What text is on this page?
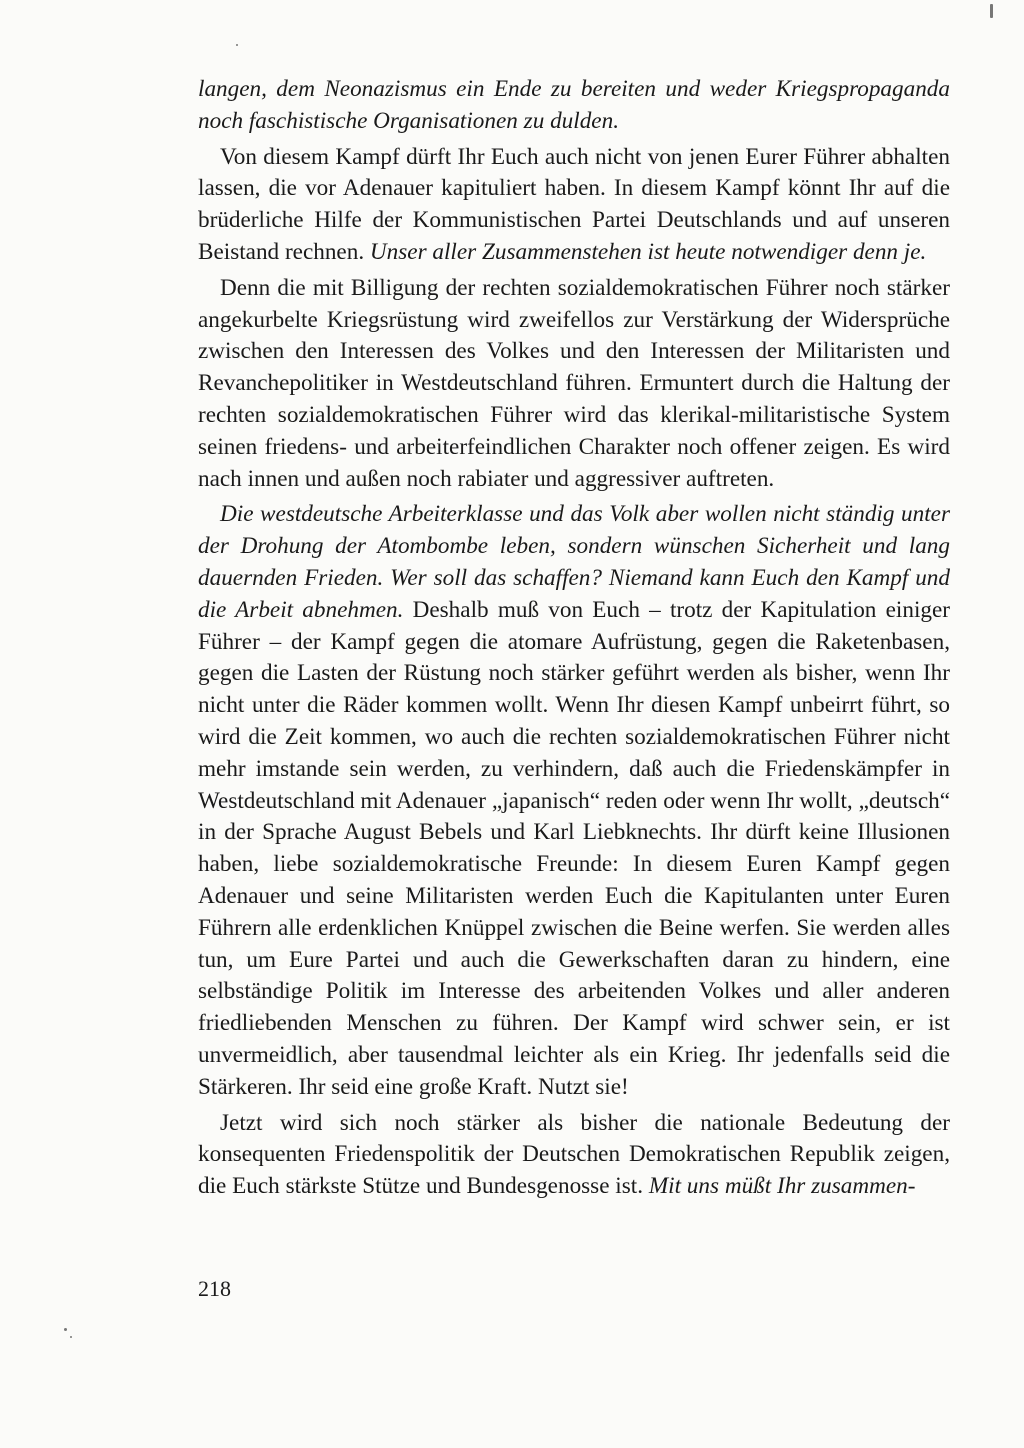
langen, dem Neonazismus ein Ende zu bereiten und weder Kriegspropaganda noch faschistische Organisationen zu dulden.

Von diesem Kampf dürft Ihr Euch auch nicht von jenen Eurer Führer abhalten lassen, die vor Adenauer kapituliert haben. In diesem Kampf könnt Ihr auf die brüderliche Hilfe der Kommunistischen Partei Deutschlands und auf unseren Beistand rechnen. Unser aller Zusammenstehen ist heute notwendiger denn je.

Denn die mit Billigung der rechten sozialdemokratischen Führer noch stärker angekurbelte Kriegsrüstung wird zweifellos zur Verstärkung der Widersprüche zwischen den Interessen des Volkes und den Interessen der Militaristen und Revanchepolitiker in Westdeutschland führen. Ermuntert durch die Haltung der rechten sozialdemokratischen Führer wird das klerikal-militaristische System seinen friedens- und arbeiterfeindlichen Charakter noch offener zeigen. Es wird nach innen und außen noch rabiater und aggressiver auftreten.

Die westdeutsche Arbeiterklasse und das Volk aber wollen nicht ständig unter der Drohung der Atombombe leben, sondern wünschen Sicherheit und lang dauernden Frieden. Wer soll das schaffen? Niemand kann Euch den Kampf und die Arbeit abnehmen. Deshalb muß von Euch – trotz der Kapitulation einiger Führer – der Kampf gegen die atomare Aufrüstung, gegen die Raketenbasen, gegen die Lasten der Rüstung noch stärker geführt werden als bisher, wenn Ihr nicht unter die Räder kommen wollt. Wenn Ihr diesen Kampf unbeirrt führt, so wird die Zeit kommen, wo auch die rechten sozialdemokratischen Führer nicht mehr imstande sein werden, zu verhindern, daß auch die Friedenskämpfer in Westdeutschland mit Adenauer „japanisch“ reden oder wenn Ihr wollt, „deutsch“ in der Sprache August Bebels und Karl Liebknechts. Ihr dürft keine Illusionen haben, liebe sozialdemokratische Freunde: In diesem Euren Kampf gegen Adenauer und seine Militaristen werden Euch die Kapitulanten unter Euren Führern alle erdenklichen Knüppel zwischen die Beine werfen. Sie werden alles tun, um Eure Partei und auch die Gewerkschaften daran zu hindern, eine selbständige Politik im Interesse des arbeitenden Volkes und aller anderen friedliebenden Menschen zu führen. Der Kampf wird schwer sein, er ist unvermeidlich, aber tausendmal leichter als ein Krieg. Ihr jedenfalls seid die Stärkeren. Ihr seid eine große Kraft. Nutzt sie!

Jetzt wird sich noch stärker als bisher die nationale Bedeutung der konsequenten Friedenspolitik der Deutschen Demokratischen Republik zeigen, die Euch stärkste Stütze und Bundesgenosse ist. Mit uns müßt Ihr zusammen-

218
